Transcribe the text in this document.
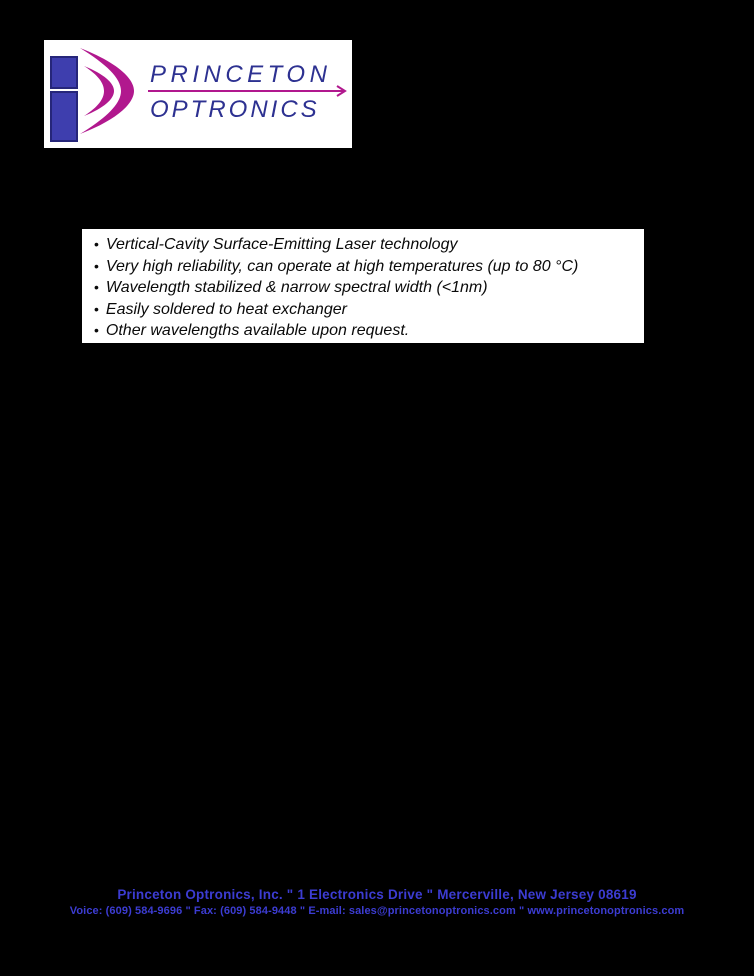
PRINCETON
OPTRONICS
• Vertical-Cavity Surface-Emitting Laser technology
• Very high reliability, can operate at high temperatures (up to 80 °C)
• Wavelength stabilized & narrow spectral width (<1nm)
• Easily soldered to heat exchanger
• Other wavelengths available upon request.
Princeton Optronics, Inc. " 1 Electronics Drive " Mercerville, New Jersey 08619
Voice: (609) 584-9696 " Fax: (609) 584-9448 " E-mail: sales@princetonoptronics.com " www.princetonoptronics.com
